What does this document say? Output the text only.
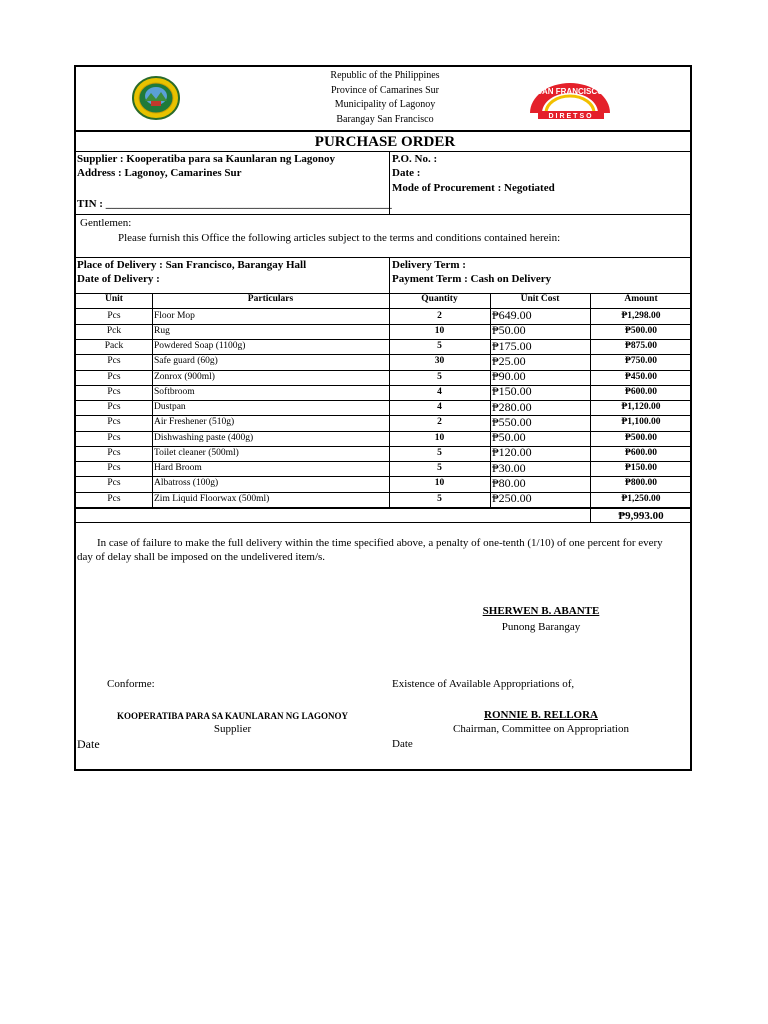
SAN FRANCISCO
DIRETSO
Republic of the Philippines
Province of Camarines Sur
Municipality of Lagonoy
Barangay San Francisco
PURCHASE ORDER
Supplier : Kooperatiba para sa Kaunlaran ng Lagonoy
Address : Lagonoy, Camarines Sur
TIN : ____________________________________________________
P.O. No. :
Date :
Mode of Procurement : Negotiated
Gentlemen:
Please furnish this Office the following articles subject to the terms and conditions contained herein:
Place of Delivery : San Francisco, Barangay Hall
Date of Delivery :
Delivery Term :
Payment Term : Cash on Delivery
Unit	Particulars	Quantity	Unit Cost	Amount
Pcs	Floor Mop	2	₱649.00	₱1,298.00
Pck	Rug	10	₱50.00	₱500.00
Pack	Powdered Soap (1100g)	5	₱175.00	₱875.00
Pcs	Safe guard (60g)	30	₱25.00	₱750.00
Pcs	Zonrox (900ml)	5	₱90.00	₱450.00
Pcs	Softbroom	4	₱150.00	₱600.00
Pcs	Dustpan	4	₱280.00	₱1,120.00
Pcs	Air Freshener (510g)	2	₱550.00	₱1,100.00
Pcs	Dishwashing paste (400g)	10	₱50.00	₱500.00
Pcs	Toilet cleaner (500ml)	5	₱120.00	₱600.00
Pcs	Hard Broom	5	₱30.00	₱150.00
Pcs	Albatross (100g)	10	₱80.00	₱800.00
Pcs	Zim Liquid Floorwax (500ml)	5	₱250.00	₱1,250.00
₱9,993.00
In case of failure to make the full delivery within the time specified above, a penalty of one-tenth (1/10) of one percent for every
day of delay shall be imposed on the undelivered item/s.
SHERWEN B. ABANTE
Punong Barangay
Conforme:	Existence of Available Appropriations of,
KOOPERATIBA PARA SA KAUNLARAN NG LAGONOY
Supplier
RONNIE B. RELLORA
Chairman, Committee on Appropriation
Date	Date
